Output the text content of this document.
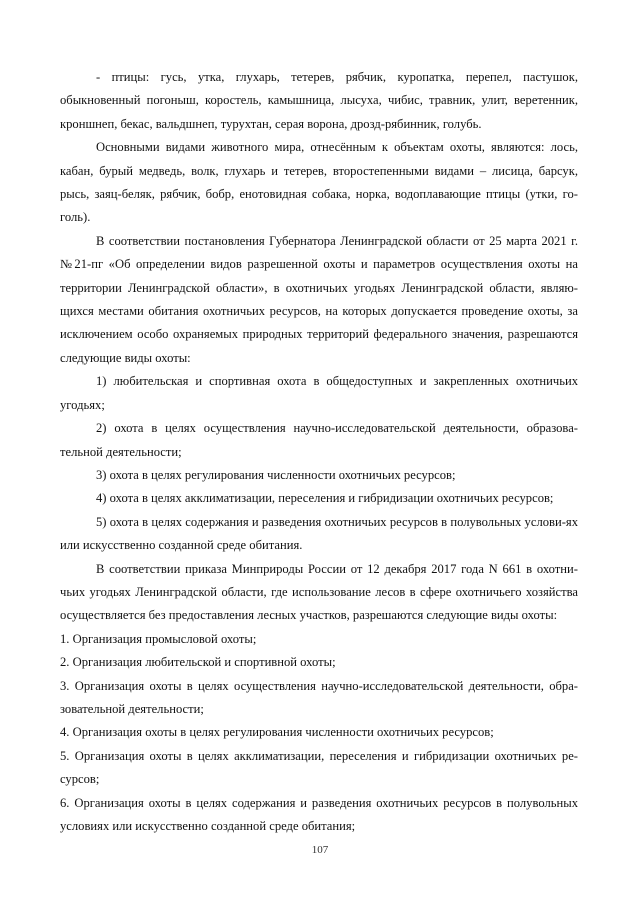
- птицы: гусь, утка, глухарь, тетерев, рябчик, куропатка, перепел, пастушок, обыкновенный погоныш, коростель, камышница, лысуха, чибис, травник, улит, веретенник, кроншнеп, бекас, вальдшнеп, турухтан, серая ворона, дрозд-рябинник, голубь.

Основными видами животного мира, отнесённым к объектам охоты, являются: лось, кабан, бурый медведь, волк, глухарь и тетерев, второстепенными видами – лисица, барсук, рысь, заяц-беляк, рябчик, бобр, енотовидная собака, норка, водоплавающие птицы (утки, го-голь).

В соответствии постановления Губернатора Ленинградской области от 25 марта 2021 г. №21-пг «Об определении видов разрешенной охоты и параметров осуществления охоты на территории Ленинградской области», в охотничьих угодьях Ленинградской области, являю-щихся местами обитания охотничьих ресурсов, на которых допускается проведение охоты, за исключением особо охраняемых природных территорий федерального значения, разрешаются следующие виды охоты:

1) любительская и спортивная охота в общедоступных и закрепленных охотничьих угодьях;

2) охота в целях осуществления научно-исследовательской деятельности, образова-тельной деятельности;

3) охота в целях регулирования численности охотничьих ресурсов;

4) охота в целях акклиматизации, переселения и гибридизации охотничьих ресурсов;

5) охота в целях содержания и разведения охотничьих ресурсов в полувольных услови-ях или искусственно созданной среде обитания.

В соответствии приказа Минприроды России от 12 декабря 2017 года N 661 в охотни-чьих угодьях Ленинградской области, где использование лесов в сфере охотничьего хозяйства осуществляется без предоставления лесных участков, разрешаются следующие виды охоты:

1. Организация промысловой охоты;

2. Организация любительской и спортивной охоты;

3. Организация охоты в целях осуществления научно-исследовательской деятельности, обра-зовательной деятельности;

4. Организация охоты в целях регулирования численности охотничьих ресурсов;

5. Организация охоты в целях акклиматизации, переселения и гибридизации охотничьих ре-сурсов;

6. Организация охоты в целях содержания и разведения охотничьих ресурсов в полувольных условиях или искусственно созданной среде обитания;

107
